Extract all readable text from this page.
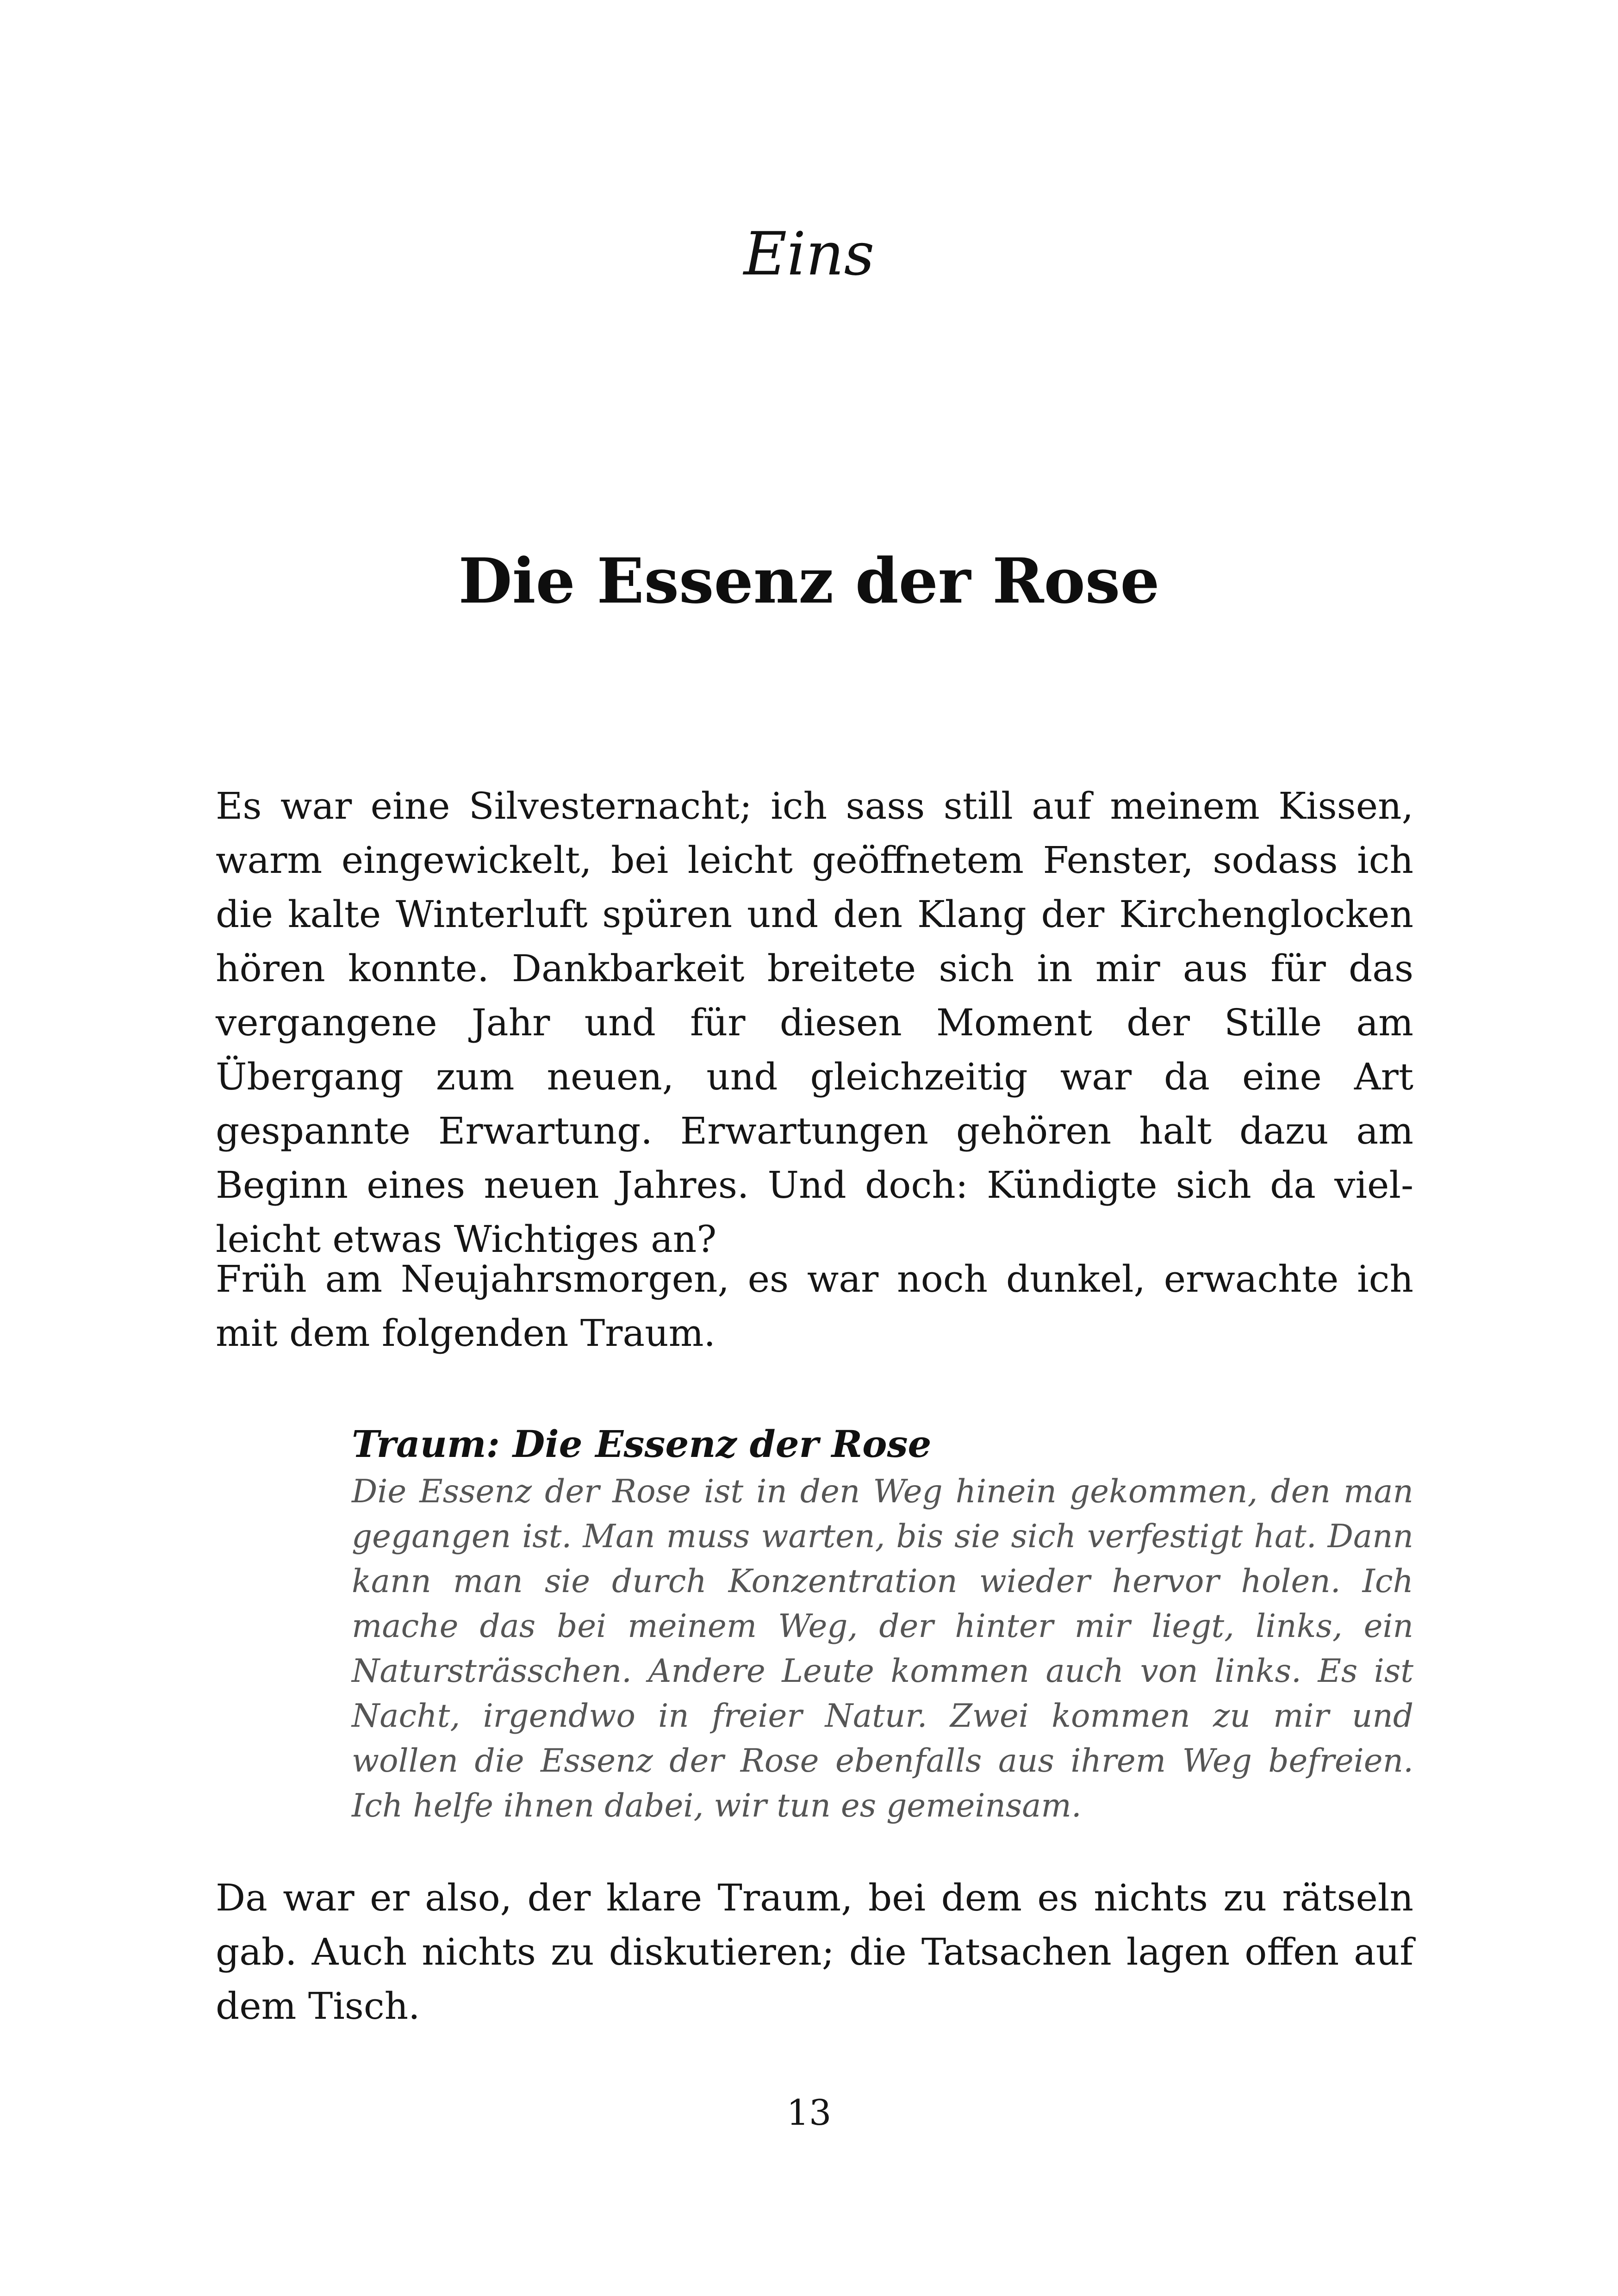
Eins
Die Essenz der Rose
Es war eine Silvesternacht; ich sass still auf meinem Kissen, warm eingewickelt, bei leicht geöffnetem Fenster, sodass ich die kalte Winterluft spüren und den Klang der Kirchenglocken hören konnte. Dankbarkeit breitete sich in mir aus für das vergangene Jahr und für diesen Moment der Stille am Übergang zum neuen, und gleichzeitig war da eine Art gespannte Erwartung. Erwartungen gehören halt dazu am Beginn eines neuen Jahres. Und doch: Kündigte sich da vielleicht etwas Wichtiges an?
Früh am Neujahrsmorgen, es war noch dunkel, erwachte ich mit dem folgenden Traum.
Traum: Die Essenz der Rose
Die Essenz der Rose ist in den Weg hinein gekommen, den man gegangen ist. Man muss warten, bis sie sich verfestigt hat. Dann kann man sie durch Konzentration wieder hervor holen. Ich mache das bei meinem Weg, der hinter mir liegt, links, ein Natursträsschen. Andere Leute kommen auch von links. Es ist Nacht, irgendwo in freier Natur. Zwei kommen zu mir und wollen die Essenz der Rose ebenfalls aus ihrem Weg befreien. Ich helfe ihnen dabei, wir tun es gemeinsam.
Da war er also, der klare Traum, bei dem es nichts zu rätseln gab. Auch nichts zu diskutieren; die Tatsachen lagen offen auf dem Tisch.
13
